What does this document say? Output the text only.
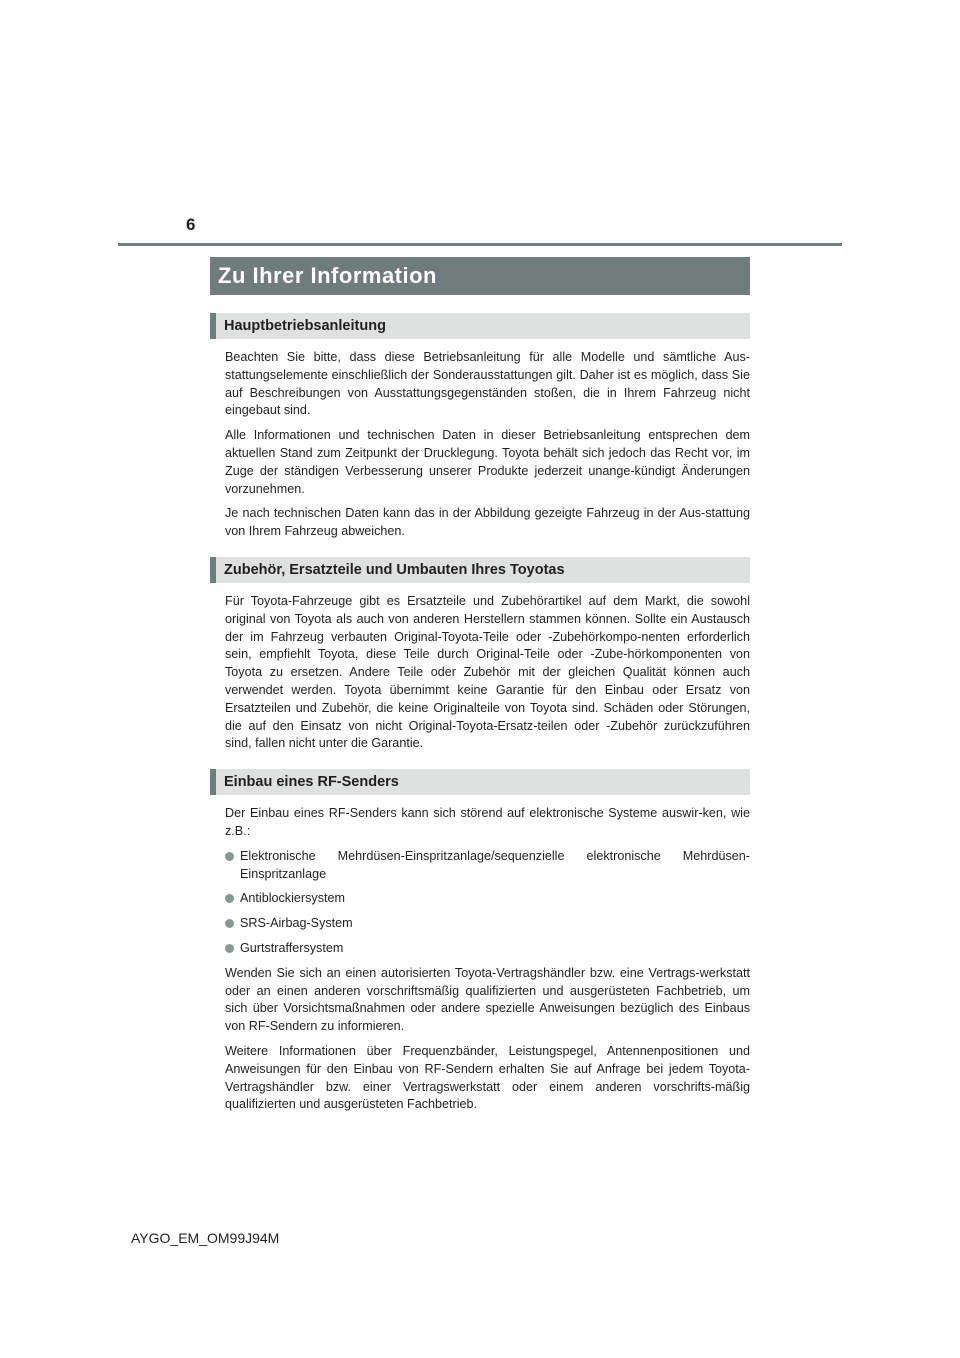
6
Zu Ihrer Information
Hauptbetriebsanleitung

Beachten Sie bitte, dass diese Betriebsanleitung für alle Modelle und sämtliche Aus-stattungselemente einschließlich der Sonderausstattungen gilt. Daher ist es möglich, dass Sie auf Beschreibungen von Ausstattungsgegenständen stoßen, die in Ihrem Fahrzeug nicht eingebaut sind.

Alle Informationen und technischen Daten in dieser Betriebsanleitung entsprechen dem aktuellen Stand zum Zeitpunkt der Drucklegung. Toyota behält sich jedoch das Recht vor, im Zuge der ständigen Verbesserung unserer Produkte jederzeit unange-kündigt Änderungen vorzunehmen.

Je nach technischen Daten kann das in der Abbildung gezeigte Fahrzeug in der Aus-stattung von Ihrem Fahrzeug abweichen.

Zubehör, Ersatzteile und Umbauten Ihres Toyotas

Für Toyota-Fahrzeuge gibt es Ersatzteile und Zubehörartikel auf dem Markt, die sowohl original von Toyota als auch von anderen Herstellern stammen können. Sollte ein Austausch der im Fahrzeug verbauten Original-Toyota-Teile oder -Zubehörkompo-nenten erforderlich sein, empfiehlt Toyota, diese Teile durch Original-Teile oder -Zube-hörkomponenten von Toyota zu ersetzen. Andere Teile oder Zubehör mit der gleichen Qualität können auch verwendet werden. Toyota übernimmt keine Garantie für den Einbau oder Ersatz von Ersatzteilen und Zubehör, die keine Originalteile von Toyota sind. Schäden oder Störungen, die auf den Einsatz von nicht Original-Toyota-Ersatz-teilen oder -Zubehör zurückzuführen sind, fallen nicht unter die Garantie.

Einbau eines RF-Senders

Der Einbau eines RF-Senders kann sich störend auf elektronische Systeme auswir-ken, wie z.B.:

Elektronische Mehrdüsen-Einspritzanlage/sequenzielle elektronische Mehrdüsen-Einspritzanlage
Antiblockiersystem
SRS-Airbag-System
Gurtstraffersystem

Wenden Sie sich an einen autorisierten Toyota-Vertragshändler bzw. eine Vertrags-werkstatt oder an einen anderen vorschriftsmäßig qualifizierten und ausgerüsteten Fachbetrieb, um sich über Vorsichtsmaßnahmen oder andere spezielle Anweisungen bezüglich des Einbaus von RF-Sendern zu informieren.

Weitere Informationen über Frequenzbänder, Leistungspegel, Antennenpositionen und Anweisungen für den Einbau von RF-Sendern erhalten Sie auf Anfrage bei jedem Toyota-Vertragshändler bzw. einer Vertragswerkstatt oder einem anderen vorschrifts-mäßig qualifizierten und ausgerüsteten Fachbetrieb.

AYGO_EM_OM99J94M
